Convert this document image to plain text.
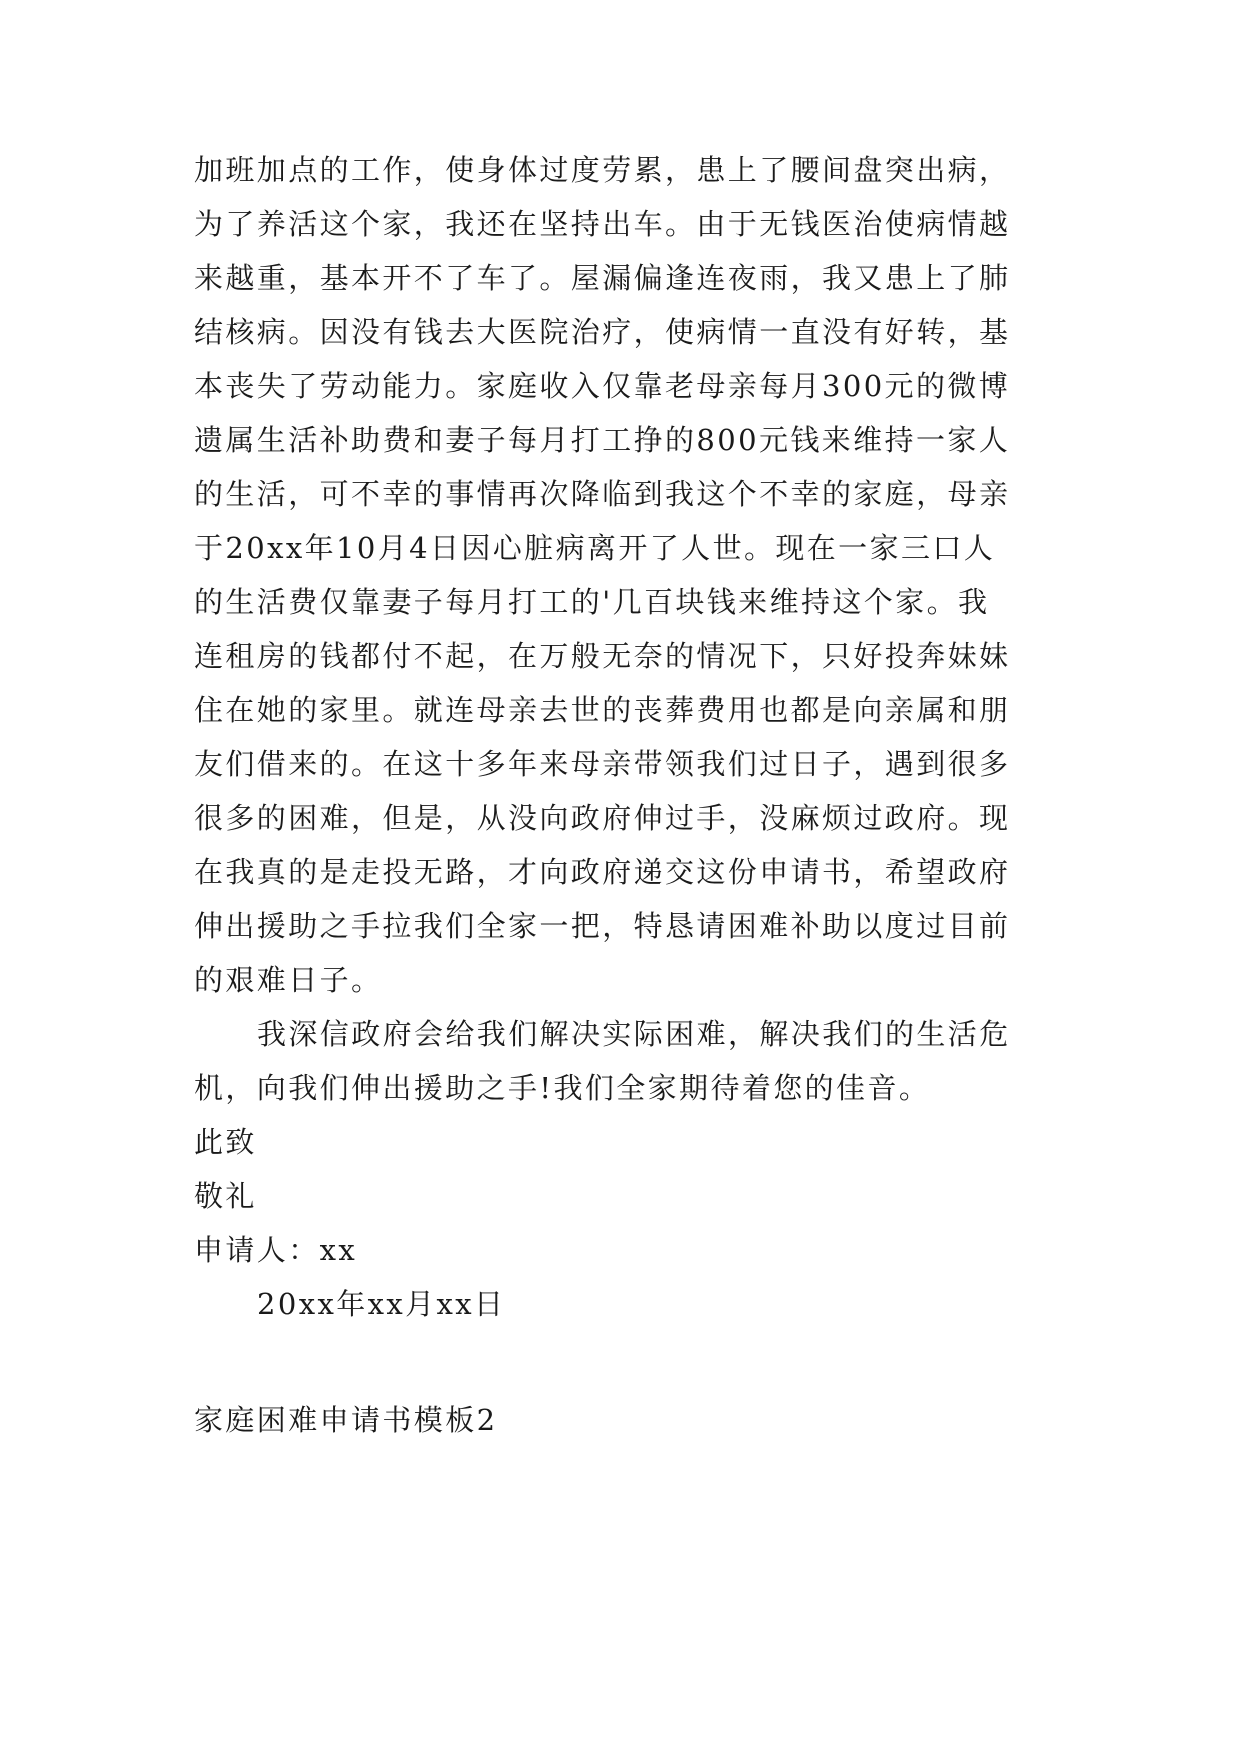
加班加点的工作，使身体过度劳累，患上了腰间盘突出病，
为了养活这个家，我还在坚持出车。由于无钱医治使病情越
来越重，基本开不了车了。屋漏偏逢连夜雨，我又患上了肺
结核病。因没有钱去大医院治疗，使病情一直没有好转，基
本丧失了劳动能力。家庭收入仅靠老母亲每月300元的微博
遗属生活补助费和妻子每月打工挣的800元钱来维持一家人
的生活，可不幸的事情再次降临到我这个不幸的家庭，母亲
于20xx年10月4日因心脏病离开了人世。现在一家三口人
的生活费仅靠妻子每月打工的'几百块钱来维持这个家。我
连租房的钱都付不起，在万般无奈的情况下，只好投奔妹妹
住在她的家里。就连母亲去世的丧葬费用也都是向亲属和朋
友们借来的。在这十多年来母亲带领我们过日子，遇到很多
很多的困难，但是，从没向政府伸过手，没麻烦过政府。现
在我真的是走投无路，才向政府递交这份申请书，希望政府
伸出援助之手拉我们全家一把，特恳请困难补助以度过目前
的艰难日子。
我深信政府会给我们解决实际困难，解决我们的生活危
机，向我们伸出援助之手!我们全家期待着您的佳音。
此致
敬礼
申请人：xx
20xx年xx月xx日
家庭困难申请书模板2
